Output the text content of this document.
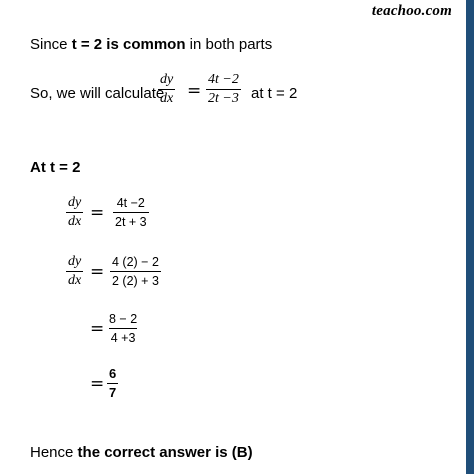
teachoo.com
Since t = 2 is common in both parts
So, we will calculate
$\frac{dy}{dx} = \frac{4t -2}{2t -3}$ at t = 2
At t = 2
$\frac{dy}{dx} = \frac{4t -2}{2t + 3}$
$\frac{dy}{dx} = \frac{4 (2) - 2}{2 (2) + 3}$
= $\frac{8 - 2}{4 +3}$
= $\frac{6}{7}$
Hence the correct answer is (B)
